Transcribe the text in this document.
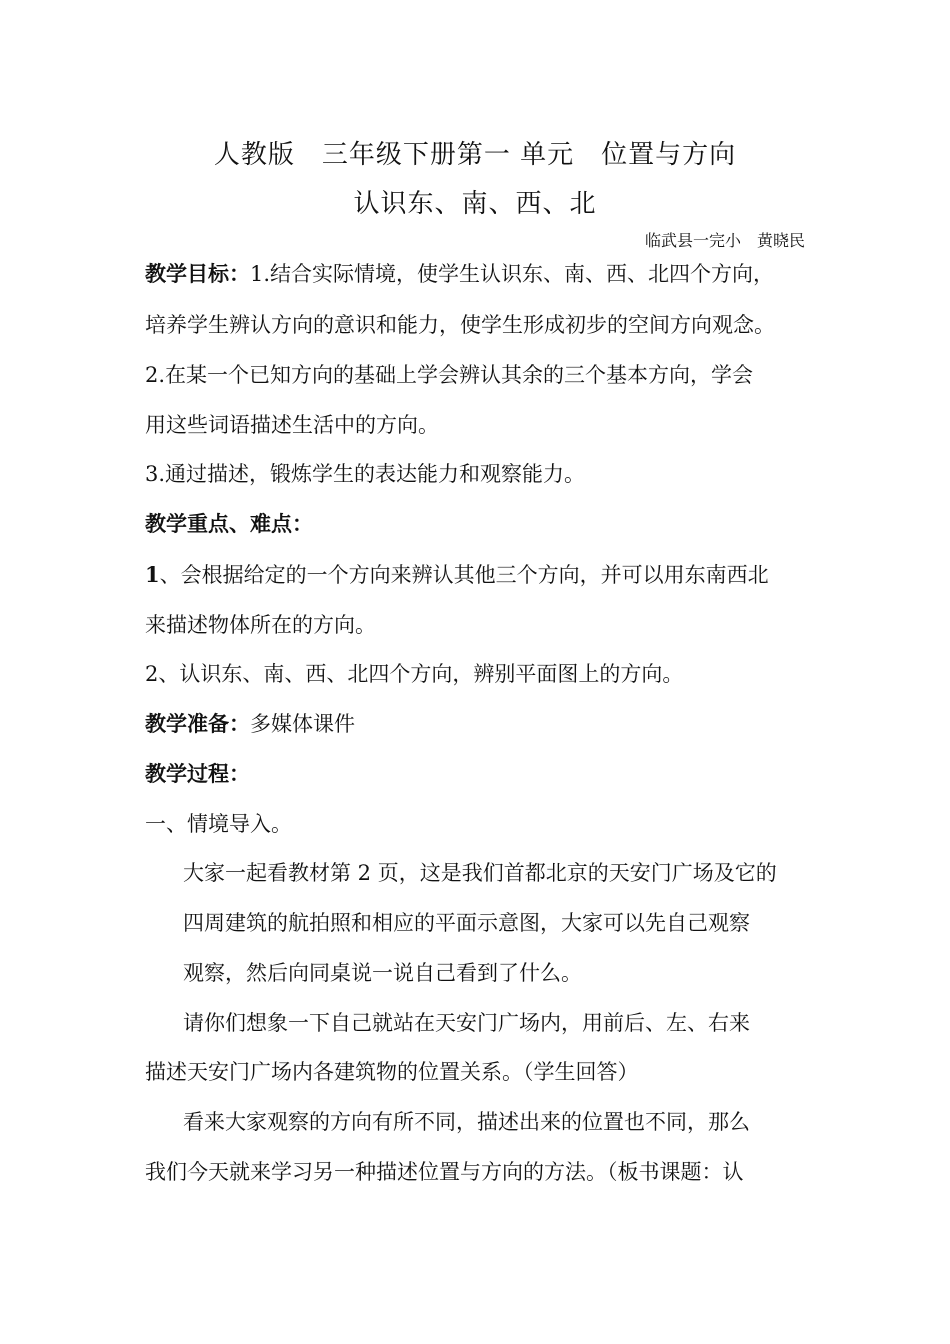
人教版　三年级下册第一 单元　位置与方向
认识东、南、西、北
临武县一完小　黄晓民
教学目标：1.结合实际情境，使学生认识东、南、西、北四个方向，
培养学生辨认方向的意识和能力，使学生形成初步的空间方向观念。
2.在某一个已知方向的基础上学会辨认其余的三个基本方向，学会
用这些词语描述生活中的方向。
3.通过描述，锻炼学生的表达能力和观察能力。
教学重点、难点：
1、会根据给定的一个方向来辨认其他三个方向，并可以用东南西北
来描述物体所在的方向。
2、认识东、南、西、北四个方向，辨别平面图上的方向。
教学准备：多媒体课件
教学过程：
一、情境导入。
大家一起看教材第 2 页，这是我们首都北京的天安门广场及它的
四周建筑的航拍照和相应的平面示意图，大家可以先自己观察
观察，然后向同桌说一说自己看到了什么。
请你们想象一下自己就站在天安门广场内，用前后、左、右来
描述天安门广场内各建筑物的位置关系。（学生回答）
看来大家观察的方向有所不同，描述出来的位置也不同，那么
我们今天就来学习另一种描述位置与方向的方法。（板书课题：认
